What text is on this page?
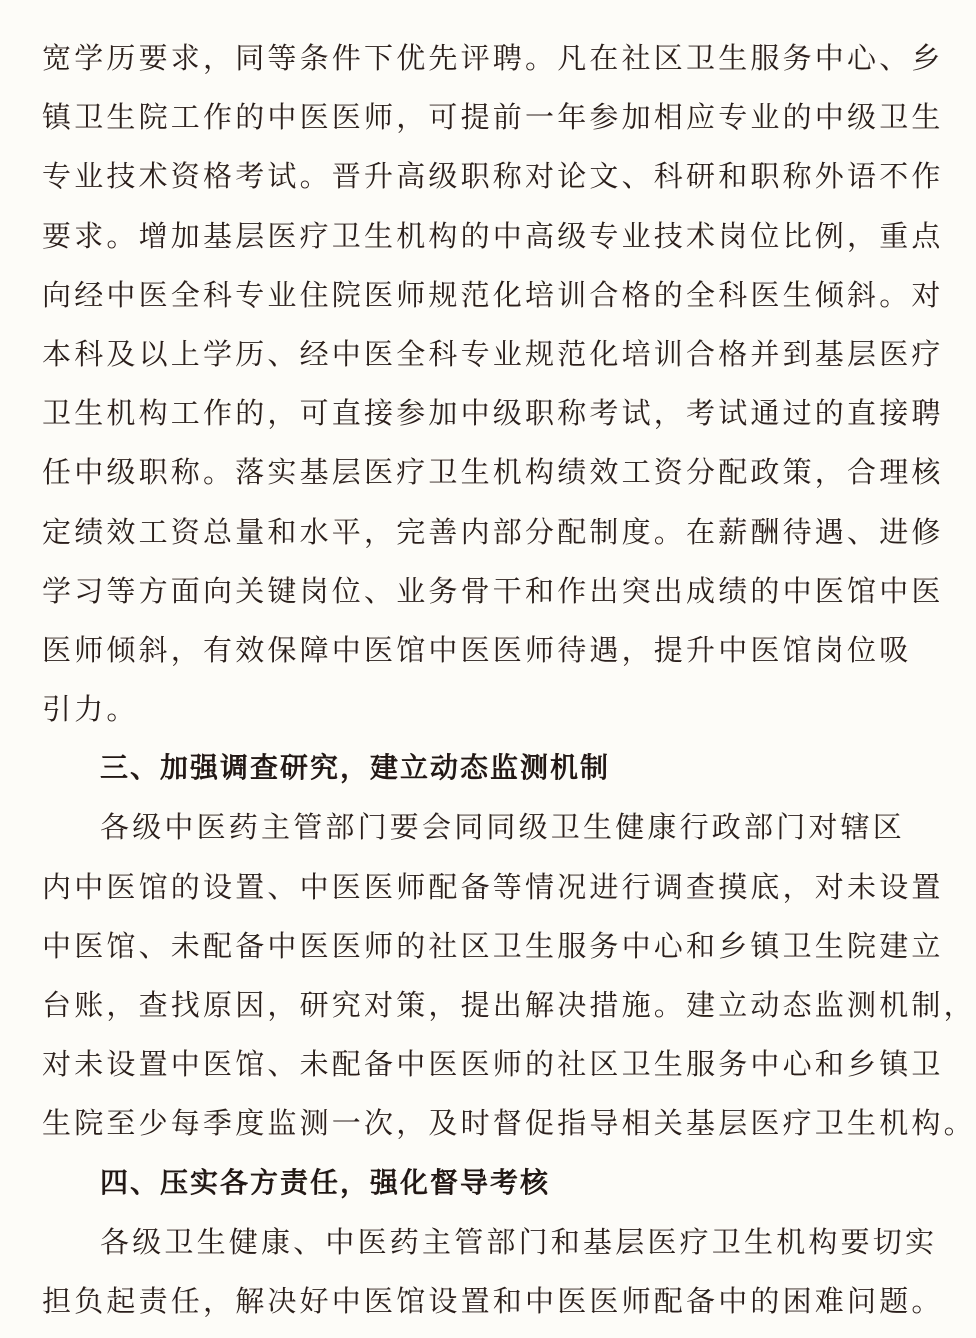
宽学历要求，同等条件下优先评聘。凡在社区卫生服务中心、乡
镇卫生院工作的中医医师，可提前一年参加相应专业的中级卫生
专业技术资格考试。晋升高级职称对论文、科研和职称外语不作
要求。增加基层医疗卫生机构的中高级专业技术岗位比例，重点
向经中医全科专业住院医师规范化培训合格的全科医生倾斜。对
本科及以上学历、经中医全科专业规范化培训合格并到基层医疗
卫生机构工作的，可直接参加中级职称考试，考试通过的直接聘
任中级职称。落实基层医疗卫生机构绩效工资分配政策，合理核
定绩效工资总量和水平，完善内部分配制度。在薪酬待遇、进修
学习等方面向关键岗位、业务骨干和作出突出成绩的中医馆中医
医师倾斜，有效保障中医馆中医医师待遇，提升中医馆岗位吸
引力。
三、加强调查研究，建立动态监测机制
各级中医药主管部门要会同同级卫生健康行政部门对辖区
内中医馆的设置、中医医师配备等情况进行调查摸底，对未设置
中医馆、未配备中医医师的社区卫生服务中心和乡镇卫生院建立
台账，查找原因，研究对策，提出解决措施。建立动态监测机制，
对未设置中医馆、未配备中医医师的社区卫生服务中心和乡镇卫
生院至少每季度监测一次，及时督促指导相关基层医疗卫生机构。
四、压实各方责任，强化督导考核
各级卫生健康、中医药主管部门和基层医疗卫生机构要切实
担负起责任，解决好中医馆设置和中医医师配备中的困难问题。
